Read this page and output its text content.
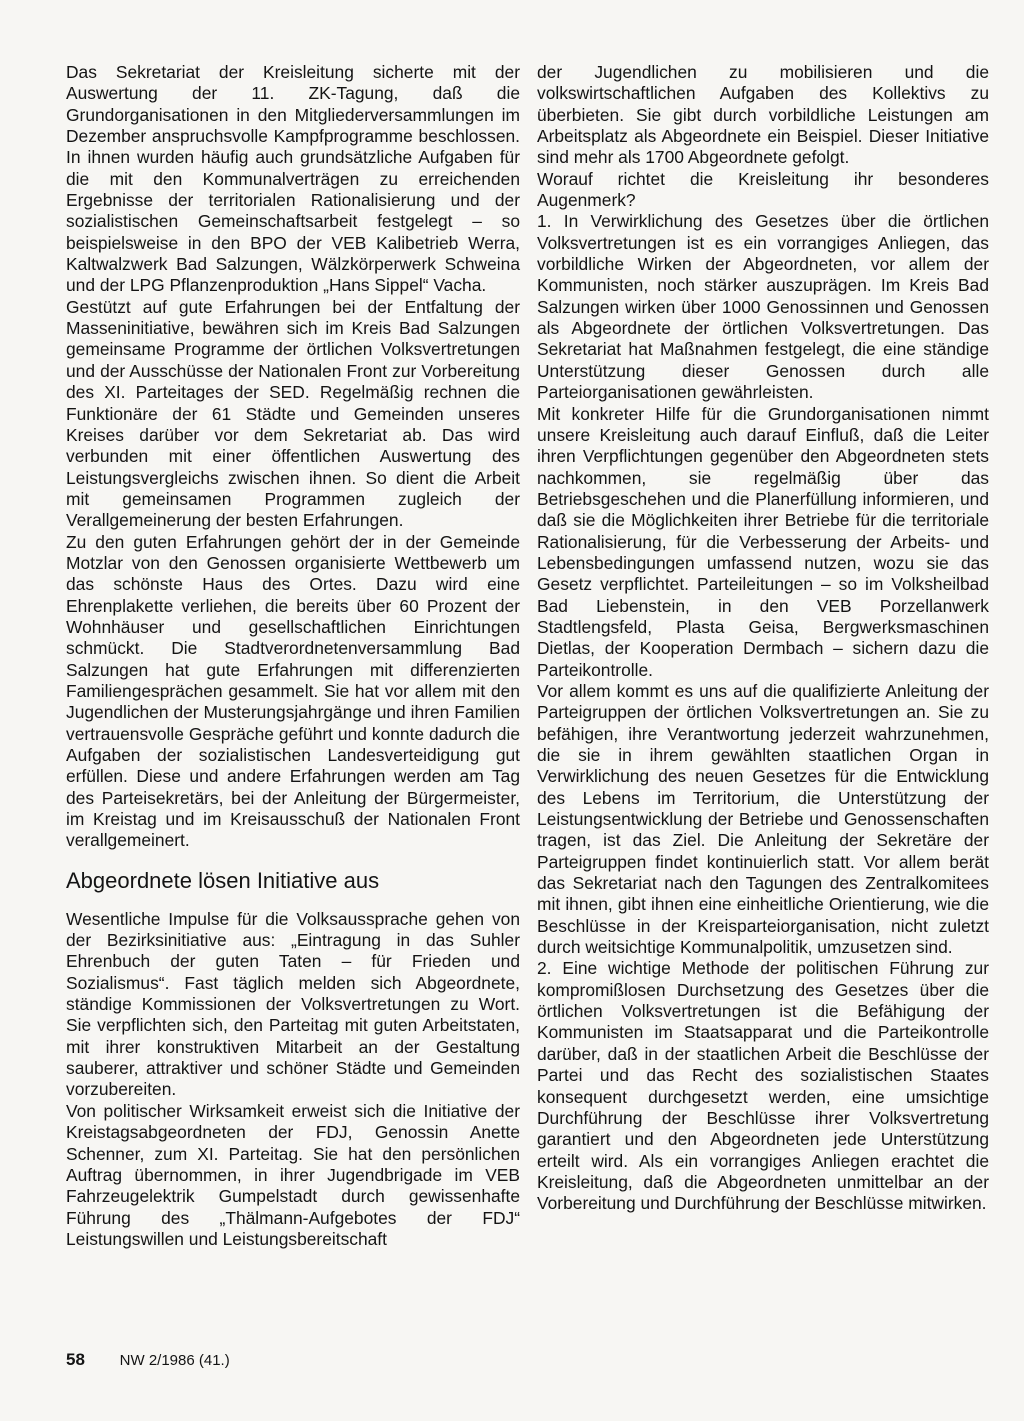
Das Sekretariat der Kreisleitung sicherte mit der Auswertung der 11. ZK-Tagung, daß die Grundorganisationen in den Mitgliederversammlungen im Dezember anspruchsvolle Kampfprogramme beschlossen. In ihnen wurden häufig auch grundsätzliche Aufgaben für die mit den Kommunalverträgen zu erreichenden Ergebnisse der territorialen Rationalisierung und der sozialistischen Gemeinschaftsarbeit festgelegt – so beispielsweise in den BPO der VEB Kalibetrieb Werra, Kaltwalzwerk Bad Salzungen, Wälzkörperwerk Schweina und der LPG Pflanzenproduktion „Hans Sippel“ Vacha.

Gestützt auf gute Erfahrungen bei der Entfaltung der Masseninitiative, bewähren sich im Kreis Bad Salzungen gemeinsame Programme der örtlichen Volksvertretungen und der Ausschüsse der Nationalen Front zur Vorbereitung des XI. Parteitages der SED. Regelmäßig rechnen die Funktionäre der 61 Städte und Gemeinden unseres Kreises darüber vor dem Sekretariat ab. Das wird verbunden mit einer öffentlichen Auswertung des Leistungsvergleichs zwischen ihnen. So dient die Arbeit mit gemeinsamen Programmen zugleich der Verallgemeinerung der besten Erfahrungen.

Zu den guten Erfahrungen gehört der in der Gemeinde Motzlar von den Genossen organisierte Wettbewerb um das schönste Haus des Ortes. Dazu wird eine Ehrenplakette verliehen, die bereits über 60 Prozent der Wohnhäuser und gesellschaftlichen Einrichtungen schmückt. Die Stadtverordnetenversammlung Bad Salzungen hat gute Erfahrungen mit differenzierten Familiengesprächen gesammelt. Sie hat vor allem mit den Jugendlichen der Musterungsjahrgänge und ihren Familien vertrauensvolle Gespräche geführt und konnte dadurch die Aufgaben der sozialistischen Landesverteidigung gut erfüllen. Diese und andere Erfahrungen werden am Tag des Parteisekretärs, bei der Anleitung der Bürgermeister, im Kreistag und im Kreisausschuß der Nationalen Front verallgemeinert.

Abgeordnete lösen Initiative aus

Wesentliche Impulse für die Volksaussprache gehen von der Bezirksinitiative aus: „Eintragung in das Suhler Ehrenbuch der guten Taten – für Frieden und Sozialismus“. Fast täglich melden sich Abgeordnete, ständige Kommissionen der Volksvertretungen zu Wort. Sie verpflichten sich, den Parteitag mit guten Arbeitstaten, mit ihrer konstruktiven Mitarbeit an der Gestaltung sauberer, attraktiver und schöner Städte und Gemeinden vorzubereiten.

Von politischer Wirksamkeit erweist sich die Initiative der Kreistagsabgeordneten der FDJ, Genossin Anette Schenner, zum XI. Parteitag. Sie hat den persönlichen Auftrag übernommen, in ihrer Jugendbrigade im VEB Fahrzeugelektrik Gumpelstadt durch gewissenhafte Führung des „Thälmann-Aufgebotes der FDJ“ Leistungswillen und Leistungsbereitschaft

der Jugendlichen zu mobilisieren und die volkswirtschaftlichen Aufgaben des Kollektivs zu überbieten. Sie gibt durch vorbildliche Leistungen am Arbeitsplatz als Abgeordnete ein Beispiel. Dieser Initiative sind mehr als 1700 Abgeordnete gefolgt.

Worauf richtet die Kreisleitung ihr besonderes Augenmerk?

1. In Verwirklichung des Gesetzes über die örtlichen Volksvertretungen ist es ein vorrangiges Anliegen, das vorbildliche Wirken der Abgeordneten, vor allem der Kommunisten, noch stärker auszuprägen. Im Kreis Bad Salzungen wirken über 1000 Genossinnen und Genossen als Abgeordnete der örtlichen Volksvertretungen. Das Sekretariat hat Maßnahmen festgelegt, die eine ständige Unterstützung dieser Genossen durch alle Parteiorganisationen gewährleisten.

Mit konkreter Hilfe für die Grundorganisationen nimmt unsere Kreisleitung auch darauf Einfluß, daß die Leiter ihren Verpflichtungen gegenüber den Abgeordneten stets nachkommen, sie regelmäßig über das Betriebsgeschehen und die Planerfüllung informieren, und daß sie die Möglichkeiten ihrer Betriebe für die territoriale Rationalisierung, für die Verbesserung der Arbeits- und Lebensbedingungen umfassend nutzen, wozu sie das Gesetz verpflichtet. Parteileitungen – so im Volksheilbad Bad Liebenstein, in den VEB Porzellanwerk Stadtlengsfeld, Plasta Geisa, Bergwerksmaschinen Dietlas, der Kooperation Dermbach – sichern dazu die Parteikontrolle.

Vor allem kommt es uns auf die qualifizierte Anleitung der Parteigruppen der örtlichen Volksvertretungen an. Sie zu befähigen, ihre Verantwortung jederzeit wahrzunehmen, die sie in ihrem gewählten staatlichen Organ in Verwirklichung des neuen Gesetzes für die Entwicklung des Lebens im Territorium, die Unterstützung der Leistungsentwicklung der Betriebe und Genossenschaften tragen, ist das Ziel. Die Anleitung der Sekretäre der Parteigruppen findet kontinuierlich statt. Vor allem berät das Sekretariat nach den Tagungen des Zentralkomitees mit ihnen, gibt ihnen eine einheitliche Orientierung, wie die Beschlüsse in der Kreisparteiorganisation, nicht zuletzt durch weitsichtige Kommunalpolitik, umzusetzen sind.

2. Eine wichtige Methode der politischen Führung zur kompromißlosen Durchsetzung des Gesetzes über die örtlichen Volksvertretungen ist die Befähigung der Kommunisten im Staatsapparat und die Parteikontrolle darüber, daß in der staatlichen Arbeit die Beschlüsse der Partei und das Recht des sozialistischen Staates konsequent durchgesetzt werden, eine umsichtige Durchführung der Beschlüsse ihrer Volksvertretung garantiert und den Abgeordneten jede Unterstützung erteilt wird. Als ein vorrangiges Anliegen erachtet die Kreisleitung, daß die Abgeordneten unmittelbar an der Vorbereitung und Durchführung der Beschlüsse mitwirken.

58 NW 2/1986 (41.)
